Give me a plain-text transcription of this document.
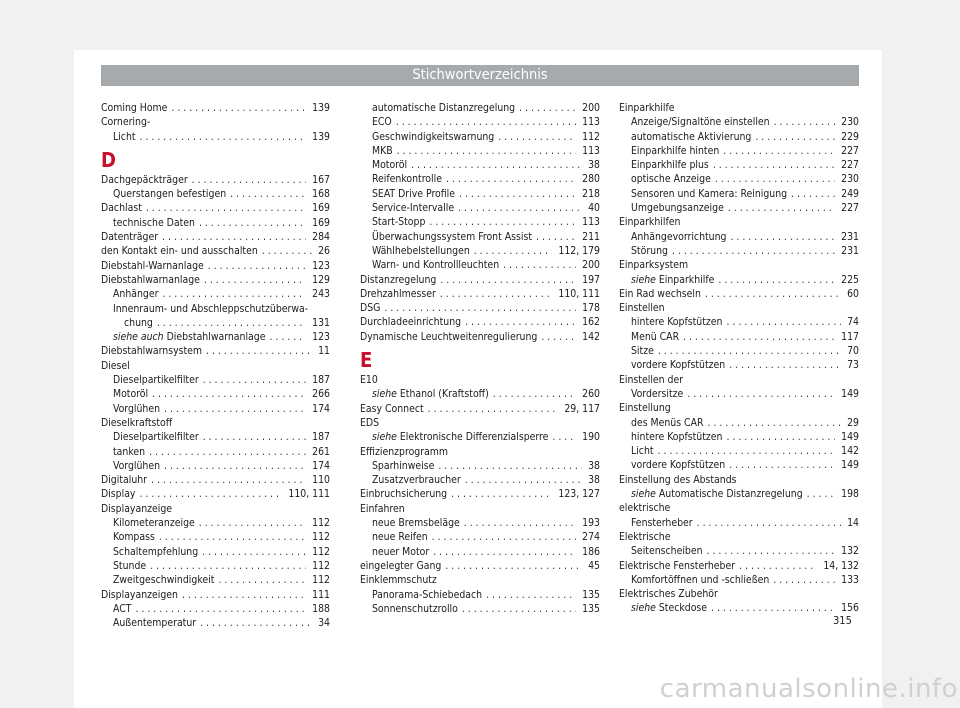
Stichwortverzeichnis
Coming Home . . .	139
Cornering-
Licht . . .	139
D
Dachgepäckträger . . .	167
Querstangen befestigen . . .	168
Dachlast . . .	169
technische Daten . . .	169
Datenträger . . .	284
den Kontakt ein- und ausschalten . . .	26
Diebstahl-Warnanlage . . .	123
Diebstahlwarnanlage . . .	129
Anhänger . . .	243
Innenraum- und Abschleppschutzüberwa-
chung . . .	131
siehe auch Diebstahlwarnanlage . . .	123
Diebstahlwarnsystem . . .	11
Diesel
Dieselpartikelfilter . . .	187
Motoröl . . .	266
Vorglühen . . .	174
Dieselkraftstoff
Dieselpartikelfilter . . .	187
tanken . . .	261
Vorglühen . . .	174
Digitaluhr . . .	110
Display . . .	110, 111
Displayanzeige
Kilometeranzeige . . .	112
Kompass . . .	112
Schaltempfehlung . . .	112
Stunde . . .	112
Zweitgeschwindigkeit . . .	112
Displayanzeigen . . .	111
ACT . . .	188
Außentemperatur . . .	34
automatische Distanzregelung . . .	200
ECO . . .	113
Geschwindigkeitswarnung . . .	112
MKB . . .	113
Motoröl . . .	38
Reifenkontrolle . . .	280
SEAT Drive Profile . . .	218
Service-Intervalle . . .	40
Start-Stopp . . .	113
Überwachungssystem Front Assist . . .	211
Wählhebelstellungen . . .	112, 179
Warn- und Kontrollleuchten . . .	200
Distanzregelung . . .	197
Drehzahlmesser . . .	110, 111
DSG . . .	178
Durchladeeinrichtung . . .	162
Dynamische Leuchtweitenregulierung . . .	142
E
E10
siehe Ethanol (Kraftstoff) . . .	260
Easy Connect . . .	29, 117
EDS
siehe Elektronische Differenzialsperre . . .	190
Effizienzprogramm
Sparhinweise . . .	38
Zusatzverbraucher . . .	38
Einbruchsicherung . . .	123, 127
Einfahren
neue Bremsbeläge . . .	193
neue Reifen . . .	274
neuer Motor . . .	186
eingelegter Gang . . .	45
Einklemmschutz
Panorama-Schiebedach . . .	135
Sonnenschutzrollo . . .	135
Einparkhilfe
Anzeige/Signaltöne einstellen . . .	230
automatische Aktivierung . . .	229
Einparkhilfe hinten . . .	227
Einparkhilfe plus . . .	227
optische Anzeige . . .	230
Sensoren und Kamera: Reinigung . . .	249
Umgebungsanzeige . . .	227
Einparkhilfen
Anhängevorrichtung . . .	231
Störung . . .	231
Einparksystem
siehe Einparkhilfe . . .	225
Ein Rad wechseln . . .	60
Einstellen
hintere Kopfstützen . . .	74
Menü CAR . . .	117
Sitze . . .	70
vordere Kopfstützen . . .	73
Einstellen der
Vordersitze . . .	149
Einstellung
des Menüs CAR . . .	29
hintere Kopfstützen . . .	149
Licht . . .	142
vordere Kopfstützen . . .	149
Einstellung des Abstands
siehe Automatische Distanzregelung . . .	198
elektrische
Fensterheber . . .	14
Elektrische
Seitenscheiben . . .	132
Elektrische Fensterheber . . .	14, 132
Komfortöffnen und -schließen . . .	133
Elektrisches Zubehör
siehe Steckdose . . .	156
315
carmanualsonline.info
